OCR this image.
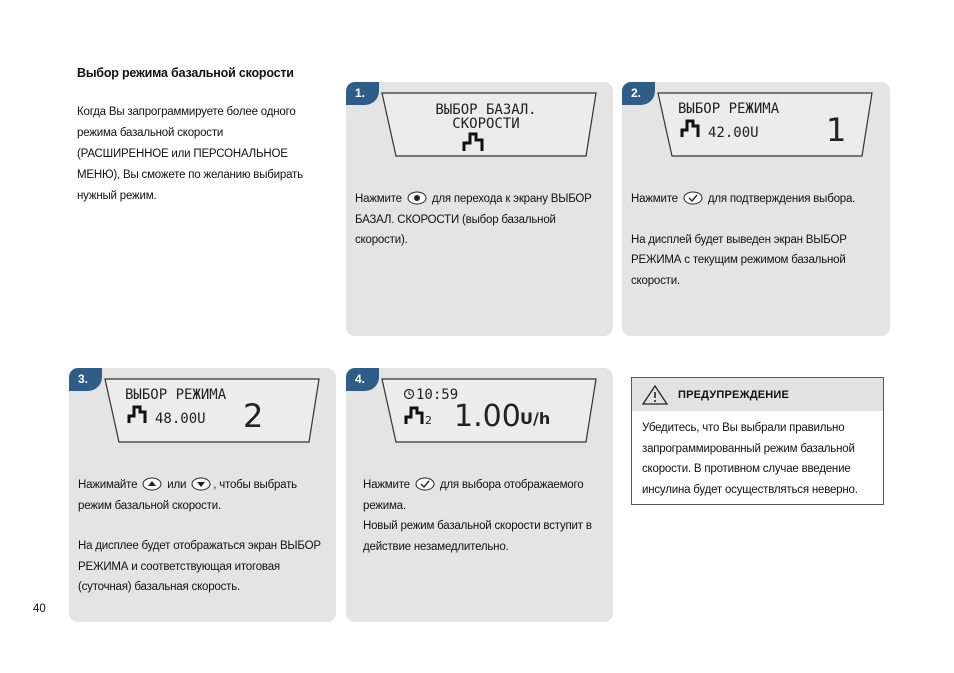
Выбор режима базальной скорости

Когда Вы запрограммируете более одного режима базальной скорости (РАСШИРЕННОЕ или ПЕРСОНАЛЬНОЕ МЕНЮ), Вы сможете по желанию выбирать нужный режим.

1.
ВЫБОР БАЗАЛ.
СКОРОСТИ

Нажмите	для перехода к экрану ВЫБОР БАЗАЛ. СКОРОСТИ (выбор базальной скорости).

2.
ВЫБОР РЕЖИМА
42.00U 1

Нажмите	для подтверждения выбора.

На дисплей будет выведен экран ВЫБОР РЕЖИМА с текущим режимом базальной скорости.

3.
ВЫБОР РЕЖИМА
48.00U 2

Нажимайте	или , чтобы выбрать режим базальной скорости.

На дисплее будет отображаться экран ВЫБОР РЕЖИМА и соответствующая итоговая (суточная) базальная скорость.

4.
10:59
2 1.00 U/h

Нажмите	для выбора отображаемого режима.

Новый режим базальной скорости вступит в действие незамедлительно.

ПРЕДУПРЕЖДЕНИЕ
Убедитесь, что Вы выбрали правильно запрограммированный режим базальной скорости. В противном случае введение инсулина будет осуществляться неверно.
40
